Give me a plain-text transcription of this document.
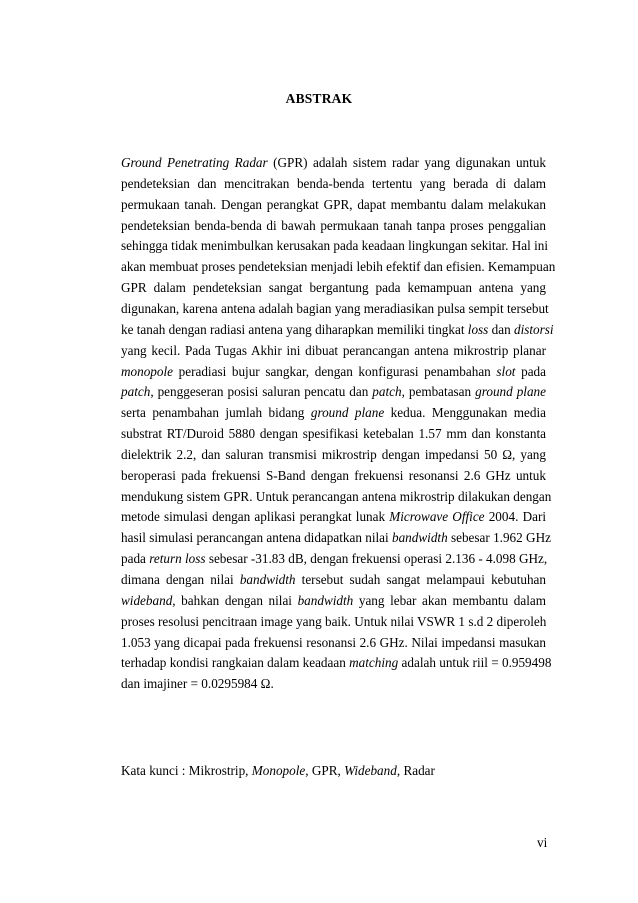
ABSTRAK
Ground Penetrating Radar (GPR) adalah sistem radar yang digunakan untuk
pendeteksian dan mencitrakan benda-benda tertentu yang berada di dalam
permukaan tanah. Dengan perangkat GPR, dapat membantu dalam melakukan
pendeteksian benda-benda di bawah permukaan tanah tanpa proses penggalian
sehingga tidak menimbulkan kerusakan pada keadaan lingkungan sekitar. Hal ini
akan membuat proses pendeteksian menjadi lebih efektif dan efisien. Kemampuan
GPR dalam pendeteksian sangat bergantung pada kemampuan antena yang
digunakan, karena antena adalah bagian yang meradiasikan pulsa sempit tersebut
ke tanah dengan radiasi antena yang diharapkan memiliki tingkat loss dan distorsi
yang kecil. Pada Tugas Akhir ini dibuat perancangan antena mikrostrip planar
monopole peradiasi bujur sangkar, dengan konfigurasi penambahan slot pada
patch, penggeseran posisi saluran pencatu dan patch, pembatasan ground plane
serta penambahan jumlah bidang ground plane kedua. Menggunakan media
substrat RT/Duroid 5880 dengan spesifikasi ketebalan 1.57 mm dan konstanta
dielektrik 2.2, dan saluran transmisi mikrostrip dengan impedansi 50 Ω, yang
beroperasi pada frekuensi S-Band dengan frekuensi resonansi 2.6 GHz untuk
mendukung sistem GPR. Untuk perancangan antena mikrostrip dilakukan dengan
metode simulasi dengan aplikasi perangkat lunak Microwave Office 2004. Dari
hasil simulasi perancangan antena didapatkan nilai bandwidth sebesar 1.962 GHz
pada return loss sebesar -31.83 dB, dengan frekuensi operasi 2.136 - 4.098 GHz,
dimana dengan nilai bandwidth tersebut sudah sangat melampaui kebutuhan
wideband, bahkan dengan nilai bandwidth yang lebar akan membantu dalam
proses resolusi pencitraan image yang baik. Untuk nilai VSWR 1 s.d 2 diperoleh
1.053 yang dicapai pada frekuensi resonansi 2.6 GHz. Nilai impedansi masukan
terhadap kondisi rangkaian dalam keadaan matching adalah untuk riil = 0.959498
dan imajiner = 0.0295984 Ω.
Kata kunci : Mikrostrip, Monopole, GPR, Wideband, Radar
vi
